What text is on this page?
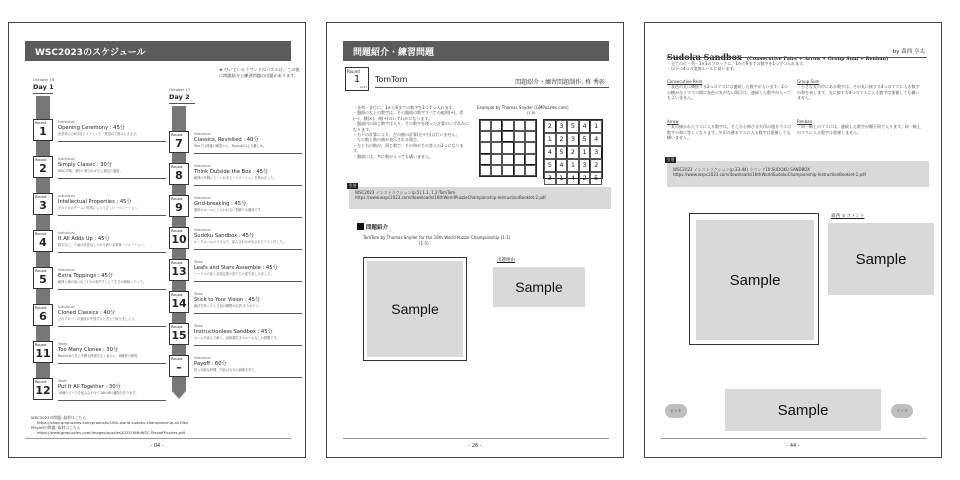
WSC2023のスケジュール
★ 付いているラウンドのパズルは、この後に問題紹介と練習問題の出題があります。
October 16
Day 1	October 17
Day 2
Round
1
Individual
Opening Ceremony : 45分
西美和らの6分前トラフィック「発語がで進みとききさ。
Round
2
Individual
Simply Classic : 30分
WSC対戦。還年の数合わが主に最定の番組。
Round
3
Individual
Intellectual Properties : 45分
それそれのチームの性質によって正しいバリエーション。
Round
4
Individual
It All Adds Up : 45分
数字なし、た値は変更なしたがる新い参算系バリエーション。
Round
5
Individual
Extra Toppings : 45分
範囲と線の条に出て1分の条件すとして生きか無駄ったって。
Round
6
Individual
Cloned Classics : 40分
どのクローンの最終が中国すると答えて取りましょう。
Round
11
Team
Too Many Clones : 30分
Round 6の先に中間も関連を生く表示に、8種票の個別。
Round
12
Team
Put It All Together : 30分
16個のピースを組み合わせて16x16の盤面を作ります。
Round
7
Individual
Classics, Revisited : 40分
Twoでは運番の練習から、Round2はより難しめ。
Round
8
Individual
Think Outside the Box : 45分
範囲の外側にヒントがあるバリエーションを集めました。
Round
9
Individual
Grid-breaking : 45分
通常のルールにとらわれない型破りな盤面です。
Round
10
Individual
Sudoku Sandbox : 45分
オンクルールのパズルで、組み合わせが出されたテスト作した。
Round
13
Team
Leafs and Stars Assemble : 45分
シーテルの星と多面定着の星たちの面を楽しみました。
Round
14
Team
Stick to Your Vision : 45分
解法を持ったとき前の構想の応答 ありがとう。
Round
15
Team
Instructionless Sandbox : 45分
ルールを読んで解く。説明書抜きのルールなしの問題です。
Round
–
Individual
Payoff : 60分
投入可能な時間、内容は当日の最後を見て。
WSC2023の問題: 取材はこちら
https://shop.gmpuzzles.com/products/16th-world-sudoku-championship-all-files
Playoffの問題: 取材はこちら
https://www.gmpuzzles.com/images/puzzles2023/16thWSC-PlayoffPuzzles.pdf
- 04 -
問題紹介・練習問題
Round
1
(1.1)
TomTom	問題紹介・練習問題制作: 柊 秀彰
・各列・各行に、1から6までの数字を1つずつ入れます。
・盤面の左上の数字は、その盤面の数字すべての総和(+)、差(−)、積(×)、商(÷)のいずれかになります。
・盤面内の同じ数字は入り、その数字を使った計算のいずれかになります。
・右下の計算により、左の値の計算(左÷右)は行いません。
・左の数と数の値が表示される場合、
・左と右の数が、同じ数で、その和がその答えの1つになります。
・盤面には、共に数が入っても構いません。
Example by Thomas Snyder (GMPuzzles.com)
(1-0)
2	3	5	4	1
1	2	3	5	4
4	5	2	1	3
5	4	1	3	2
3	1	4	2	5
引用
WSC2023 インストラクション(p.5) 1.1, 1.2:TomTom
https://www.wspc2023.com/downloads/16thWorldPuzzleChampionship-InstructionBooklet-2.pdf
問題紹介
TomTom by Thomas Snyder for the 16th World Puzzle Championship (1.1)
(1-5)
Sample
出題理由
Sample
- 26 -
Sudoku Sandbox (Consecutive Pairs + Arrow + Group Sum + Renban)
by 森西 亨太
・全ての行・列・3×3のブロックに、1から9までの数字を1つずつ入れます。
・以下の4つの追加ルールに従います。
Consecutive Pairs
・灰色の丸に隣接する2つのマスには連続した数字が入ります。2つの横か合うマスの間に灰色の丸がない場合は、連続した数字が入ってもよいません。
Group Sum
・小さな丸の中にある数字は、その丸に接する4つのマスに入る数字の和を表します。丸に接する4つのマスに入る数字は重複しても構いません。
Arrow
・丸の描かれたマスに入る数字は、そこから伸びる矢印の通るマスの数字の和に等しくなります。矢印の通るマスに入る数字は重複しても構いません。
Renban
・同一線上のマスには、連続した数字が順不同で入ります。同一線上のマスに入る数字は重複しません。
引用
WSC2023 インストラクション(p.33-44) ラウンド10:SUDOKU SANDBOX
https://www.wspc2023.com/downloads/16thWorldSudokuChampionship-InstructionBooklet-2.pdf
Sample
森西 's コメント
Sample
ヒント	Sample	イくス
- 44 -
